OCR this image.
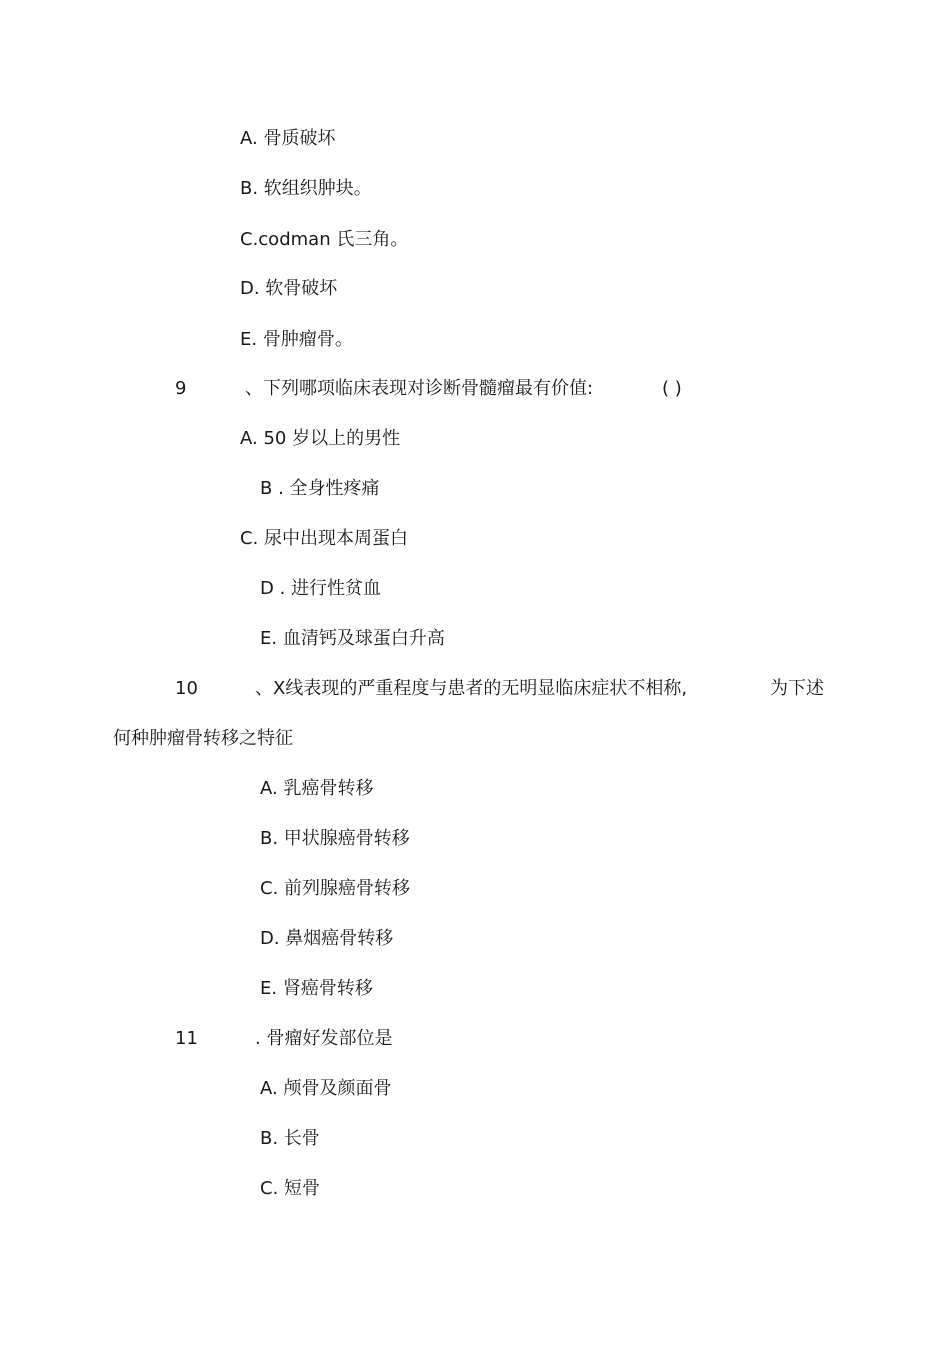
A. 骨质破坏
B. 软组织肿块。
C.codman 氏三角。
D. 软骨破坏
E. 骨肿瘤骨。
9	、下列哪项临床表现对诊断骨髓瘤最有价值:	( )
A. 50 岁以上的男性
B . 全身性疼痛
C. 尿中出现本周蛋白
D . 进行性贫血
E. 血清钙及球蛋白升高
10	、X线表现的严重程度与患者的无明显临床症状不相称,	为下述
何种肿瘤骨转移之特征
A. 乳癌骨转移
B. 甲状腺癌骨转移
C. 前列腺癌骨转移
D. 鼻烟癌骨转移
E. 肾癌骨转移
11	. 骨瘤好发部位是
A. 颅骨及颜面骨
B. 长骨
C. 短骨
